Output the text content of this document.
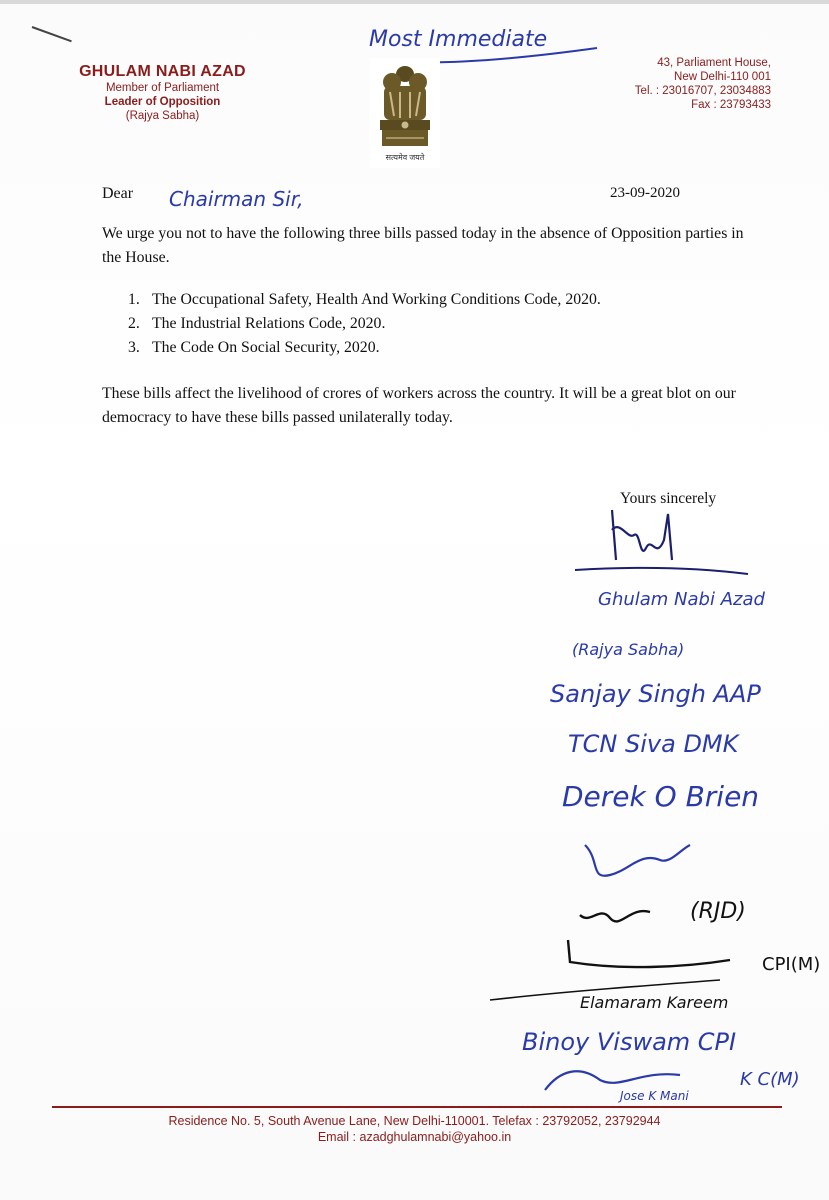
GHULAM NABI AZAD
Member of Parliament
Leader of Opposition
(Rajya Sabha)
Most Immediate
सत्यमेव जयते
43, Parliament House,
New Delhi-110 001
Tel. : 23016707, 23034883
Fax : 23793433
Dear Chairman Sir,	23-09-2020
We urge you not to have the following three bills passed today in the absence of Opposition parties in the House.
1. The Occupational Safety, Health And Working Conditions Code, 2020.
2. The Industrial Relations Code, 2020.
3. The Code On Social Security, 2020.
These bills affect the livelihood of crores of workers across the country. It will be a great blot on our democracy to have these bills passed unilaterally today.
Yours sincerely
Ghulam Nabi Azad
(Rajya Sabha)
Sanjay Singh AAP
TCN Siva DMK
Derek O Brien
(RJD)
CPI(M)
Elamaram Kareem
Binoy Viswam CPI
K C(M)
Jose K Mani
Residence No. 5, South Avenue Lane, New Delhi-110001. Telefax : 23792052, 23792944
Email : azadghulamnabi@yahoo.in
